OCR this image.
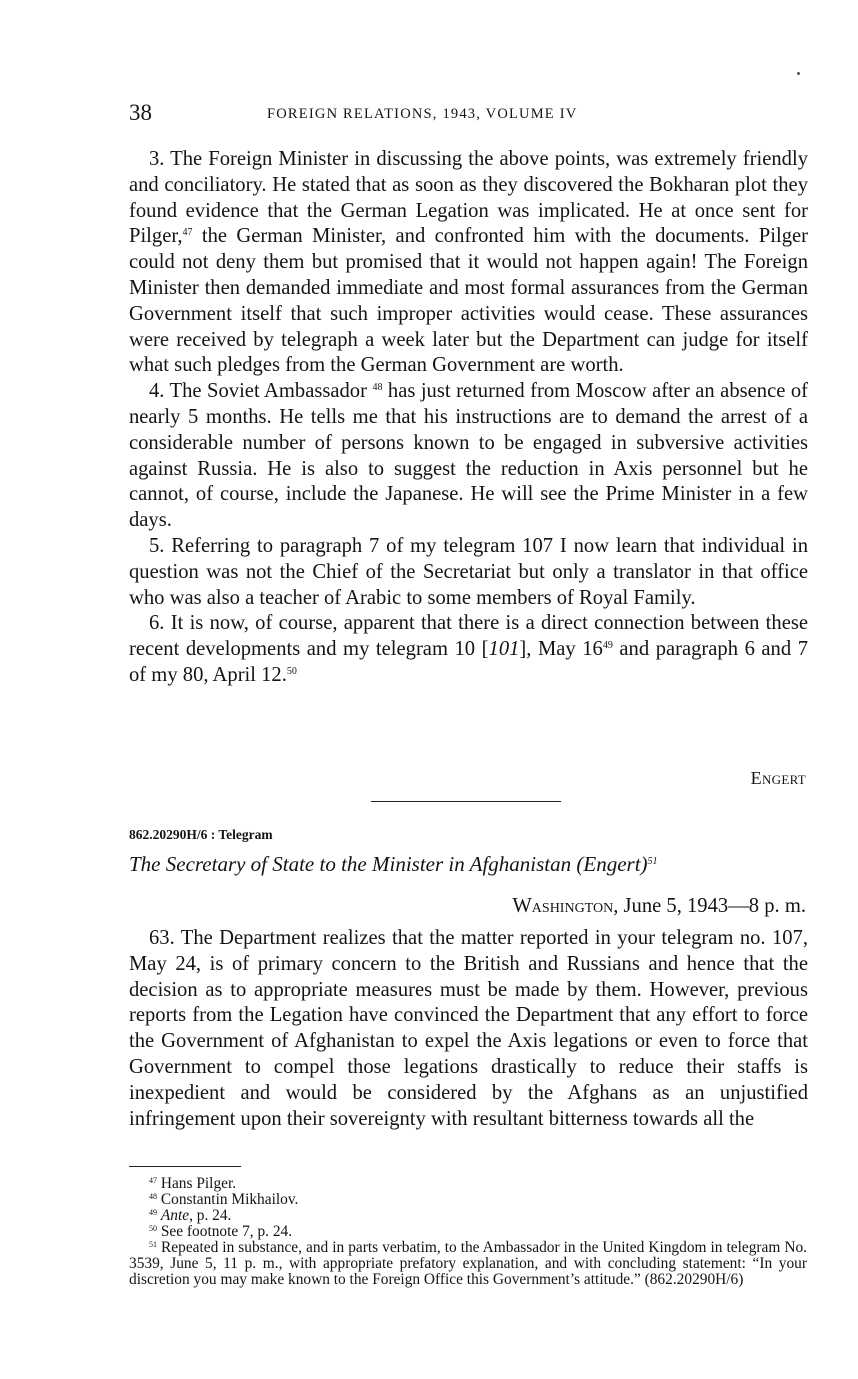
38	FOREIGN RELATIONS, 1943, VOLUME IV

3. The Foreign Minister in discussing the above points, was extremely friendly and conciliatory. He stated that as soon as they discovered the Bokharan plot they found evidence that the German Legation was implicated. He at once sent for Pilger,$^{47}$ the German Minister, and confronted him with the documents. Pilger could not deny them but promised that it would not happen again! The Foreign Minister then demanded immediate and most formal assurances from the German Government itself that such improper activities would cease. These assurances were received by telegraph a week later but the Department can judge for itself what such pledges from the German Government are worth.

4. The Soviet Ambassador $^{48}$ has just returned from Moscow after an absence of nearly 5 months. He tells me that his instructions are to demand the arrest of a considerable number of persons known to be engaged in subversive activities against Russia. He is also to suggest the reduction in Axis personnel but he cannot, of course, include the Japanese. He will see the Prime Minister in a few days.

5. Referring to paragraph 7 of my telegram 107 I now learn that individual in question was not the Chief of the Secretariat but only a translator in that office who was also a teacher of Arabic to some members of Royal Family.

6. It is now, of course, apparent that there is a direct connection between these recent developments and my telegram 10 [101], May $16^{49}$ and paragraph 6 and 7 of my 80, April 12.50

Engert
862.20290H/6 : Telegram
The Secretary of State to the Minister in Afghanistan (Engert)$^{51}$
Washington, June 5, 1943—8 p. m.

63. The Department realizes that the matter reported in your telegram no. 107, May 24, is of primary concern to the British and Russians and hence that the decision as to appropriate measures must be made by them. However, previous reports from the Legation have convinced the Department that any effort to force the Government of Afghanistan to expel the Axis legations or even to force that Government to compel those legations drastically to reduce their staffs is inexpedient and would be considered by the Afghans as an unjustified infringement upon their sovereignty with resultant bitterness towards all the

$^{47}$ Hans Pilger.

$^{48}$ Constantin Mikhailov.

$^{49}$ Ante, p. 24.

$^{50}$ See footnote 7, p. 24.

$^{51}$ Repeated in substance, and in parts verbatim, to the Ambassador in the United Kingdom in telegram No. 3539, June 5, 11 p. m., with appropriate prefatory explanation, and with concluding statement: “In your discretion you may make known to the Foreign Office this Government’s attitude.” (862.20290H/6)
